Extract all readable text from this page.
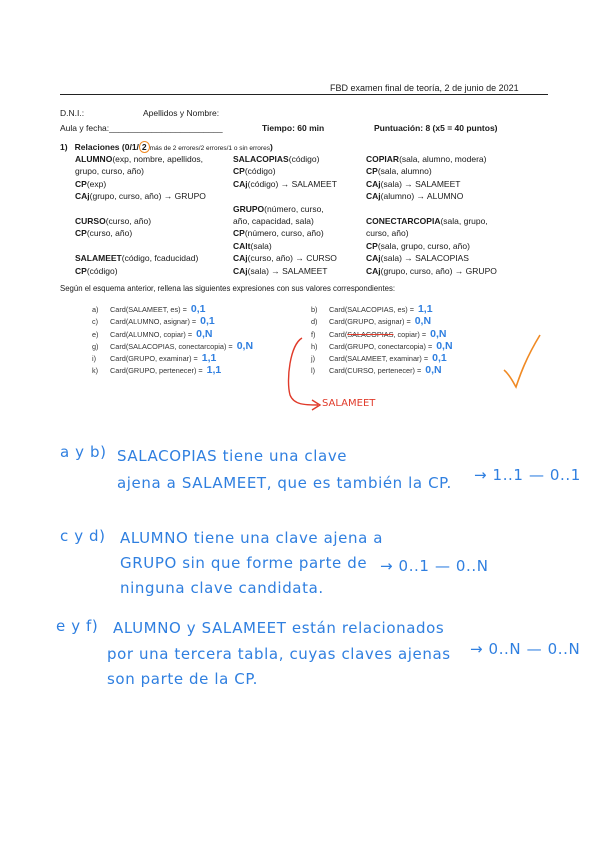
FBD examen final de teoría, 2 de junio de 2021
D.N.I.:	Apellidos y Nombre:
Aula y fecha:________________________	Tiempo: 60 min	Puntuación: 8 (x5 = 40 puntos)
1) Relaciones (0/1/ 2 más de 2 errores/2 errores/1 o sin errores)
ALUMNO(exp, nombre, apellidos,
grupo, curso, año)
CP(exp)
CAj(grupo, curso, año) → GRUPO
CURSO(curso, año)
CP(curso, año)
SALAMEET(código, fcaducidad)
CP(código)
SALACOPIAS(código)
CP(código)
CAj(código) → SALAMEET
GRUPO(número, curso,
año, capacidad, sala)
CP(número, curso, año)
CAlt(sala)
CAj(curso, año) → CURSO
CAj(sala) → SALAMEET
COPIAR(sala, alumno, modera)
CP(sala, alumno)
CAj(sala) → SALAMEET
CAj(alumno) → ALUMNO
CONECTARCOPIA(sala, grupo,
curso, año)
CP(sala, grupo, curso, año)
CAj(sala) → SALACOPIAS
CAj(grupo, curso, año) → GRUPO
Según el esquema anterior, rellena las siguientes expresiones con sus valores correspondientes:
a) Card(SALAMEET, es) = 0,1
c) Card(ALUMNO, asignar) = 0,1
e) Card(ALUMNO, copiar) = 0,N
g) Card(SALACOPIAS, conectarcopia) = 0,N
i) Card(GRUPO, examinar) = 1,1
k) Card(GRUPO, pertenecer) = 1,1
b) Card(SALACOPIAS, es) = 1,1
d) Card(GRUPO, asignar) = 0,N
f) Card(SALACOPIAS, copiar) = 0,N
h) Card(GRUPO, conectarcopia) = 0,N
j) Card(SALAMEET, examinar) = 0,1
l) Card(CURSO, pertenecer) = 0,N
SALAMEET
a y b) SALACOPIAS tiene una clave
ajena a SALAMEET, que es también la CP. → 1..1 — 0..1
c y d) ALUMNO tiene una clave ajena a
GRUPO sin que forme parte de
ninguna clave candidata.
→ 0..1 — 0..N
e y f) ALUMNO y SALAMEET están relacionados
por una tercera tabla, cuyas claves ajenas
son parte de la CP.
→ 0..N — 0..N
